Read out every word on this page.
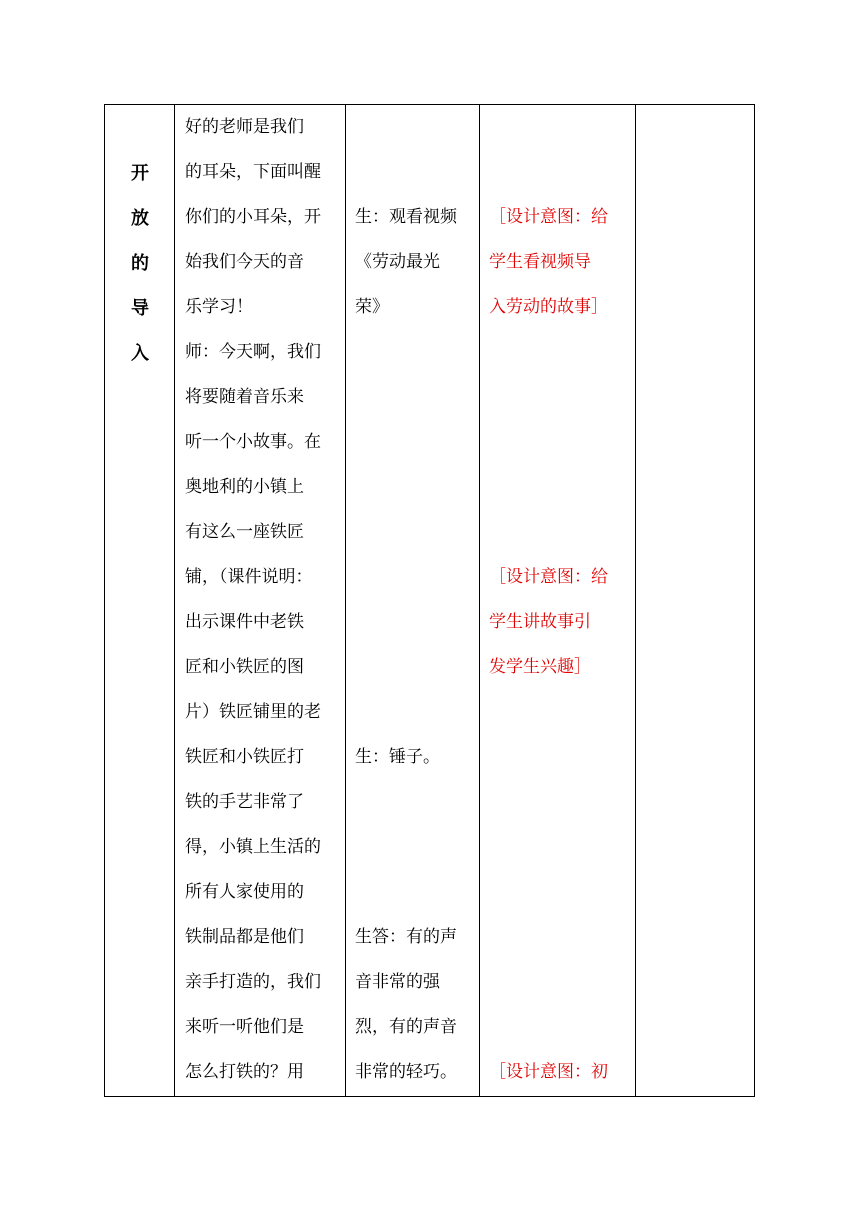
开
放
的
导
入
好的老师是我们
的耳朵，下面叫醒
你们的小耳朵，开
始我们今天的音
乐学习！
师：今天啊，我们
将要随着音乐来
听一个小故事。在
奥地利的小镇上
有这么一座铁匠
铺，（课件说明：
出示课件中老铁
匠和小铁匠的图
片）铁匠铺里的老
铁匠和小铁匠打
铁的手艺非常了
得，小镇上生活的
所有人家使用的
铁制品都是他们
亲手打造的，我们
来听一听他们是
怎么打铁的？用
生：观看视频
《劳动最光
荣》
生：锤子。
生答：有的声
音非常的强
烈，有的声音
非常的轻巧。
［设计意图：给
学生看视频导
入劳动的故事］
［设计意图：给
学生讲故事引
发学生兴趣］
［设计意图：初
